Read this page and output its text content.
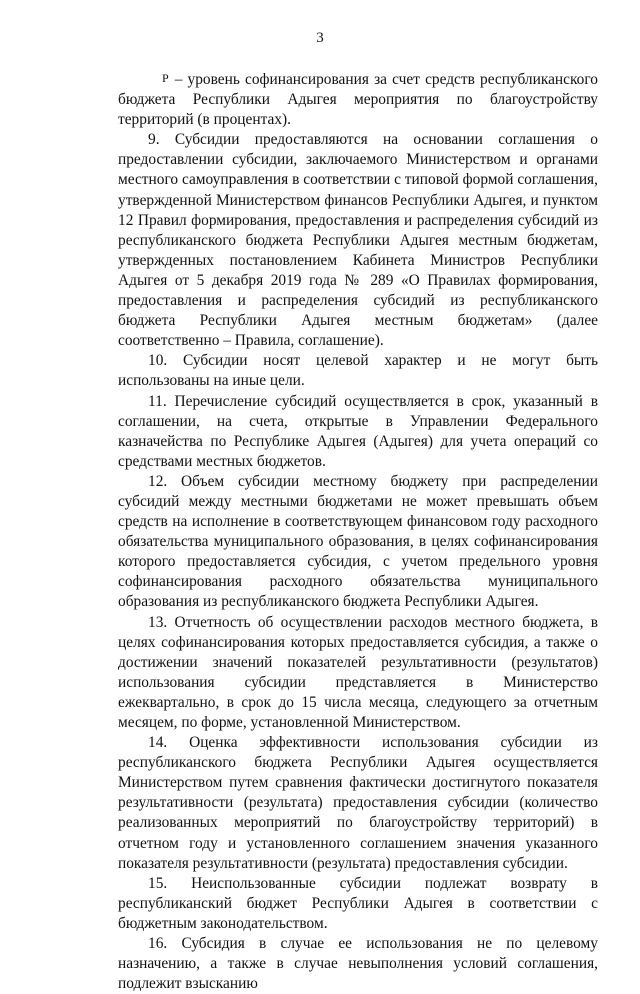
3

P – уровень софинансирования за счет средств республиканского бюджета Республики Адыгея мероприятия по благоустройству территорий (в процентах).

9. Субсидии предоставляются на основании соглашения о предоставлении субсидии, заключаемого Министерством и органами местного самоуправления в соответствии с типовой формой соглашения, утвержденной Министерством финансов Республики Адыгея, и пунктом 12 Правил формирования, предоставления и распределения субсидий из республиканского бюджета Республики Адыгея местным бюджетам, утвержденных постановлением Кабинета Министров Республики Адыгея от 5 декабря 2019 года № 289 «О Правилах формирования, предоставления и распределения субсидий из республиканского бюджета Республики Адыгея местным бюджетам» (далее соответственно – Правила, соглашение).

10. Субсидии носят целевой характер и не могут быть использованы на иные цели.

11. Перечисление субсидий осуществляется в срок, указанный в соглашении, на счета, открытые в Управлении Федерального казначейства по Республике Адыгея (Адыгея) для учета операций со средствами местных бюджетов.

12. Объем субсидии местному бюджету при распределении субсидий между местными бюджетами не может превышать объем средств на исполнение в соответствующем финансовом году расходного обязательства муниципального образования, в целях софинансирования которого предоставляется субсидия, с учетом предельного уровня софинансирования расходного обязательства муниципального образования из республиканского бюджета Республики Адыгея.

13. Отчетность об осуществлении расходов местного бюджета, в целях софинансирования которых предоставляется субсидия, а также о достижении значений показателей результативности (результатов) использования субсидии представляется в Министерство ежеквартально, в срок до 15 числа месяца, следующего за отчетным месяцем, по форме, установленной Министерством.

14. Оценка эффективности использования субсидии из республиканского бюджета Республики Адыгея осуществляется Министерством путем сравнения фактически достигнутого показателя результативности (результата) предоставления субсидии (количество реализованных мероприятий по благоустройству территорий) в отчетном году и установленного соглашением значения указанного показателя результативности (результата) предоставления субсидии.

15. Неиспользованные субсидии подлежат возврату в республиканский бюджет Республики Адыгея в соответствии с бюджетным законодательством.

16. Субсидия в случае ее использования не по целевому назначению, а также в случае невыполнения условий соглашения, подлежит взысканию
